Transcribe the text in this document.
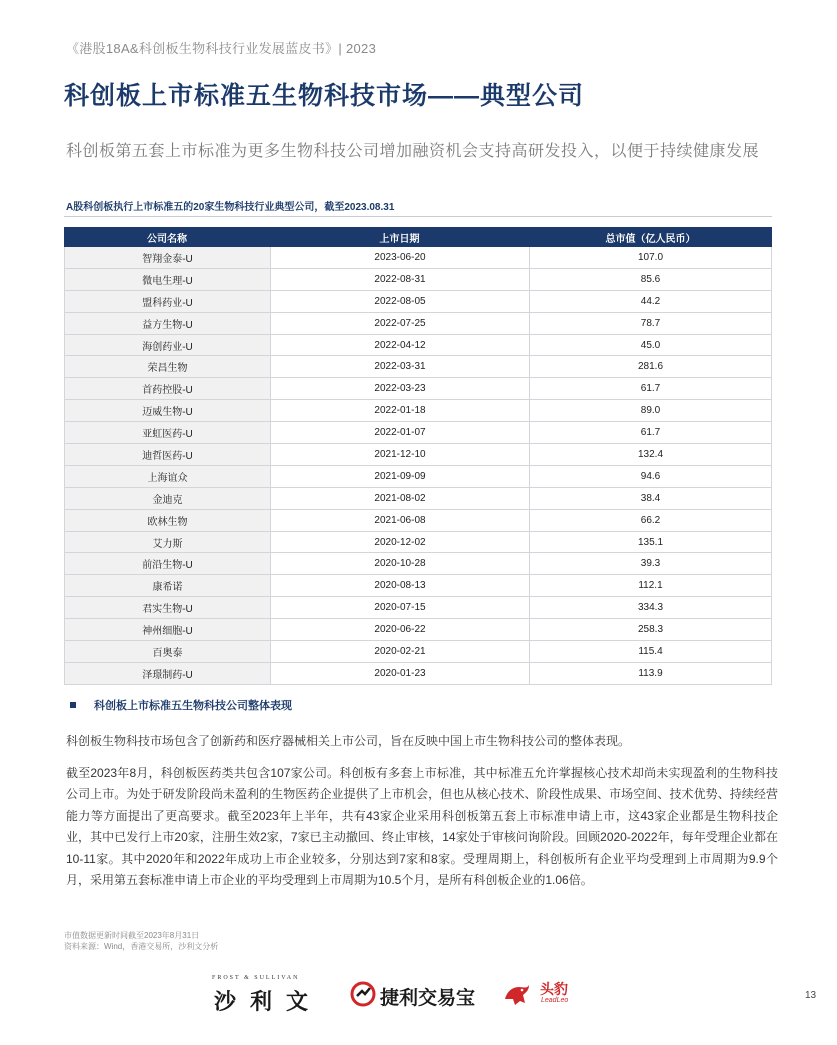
《港股18A&科创板生物科技行业发展蓝皮书》| 2023
科创板上市标准五生物科技市场——典型公司
科创板第五套上市标准为更多生物科技公司增加融资机会支持高研发投入，以便于持续健康发展
A股科创板执行上市标准五的20家生物科技行业典型公司，截至2023.08.31
公司名称	上市日期	总市值（亿人民币）
智翔金泰-U	2023-06-20	107.0
微电生理-U	2022-08-31	85.6
盟科药业-U	2022-08-05	44.2
益方生物-U	2022-07-25	78.7
海创药业-U	2022-04-12	45.0
荣昌生物	2022-03-31	281.6
首药控股-U	2022-03-23	61.7
迈威生物-U	2022-01-18	89.0
亚虹医药-U	2022-01-07	61.7
迪哲医药-U	2021-12-10	132.4
上海谊众	2021-09-09	94.6
金迪克	2021-08-02	38.4
欧林生物	2021-06-08	66.2
艾力斯	2020-12-02	135.1
前沿生物-U	2020-10-28	39.3
康希诺	2020-08-13	112.1
君实生物-U	2020-07-15	334.3
神州细胞-U	2020-06-22	258.3
百奥泰	2020-02-21	115.4
泽璟制药-U	2020-01-23	113.9
科创板上市标准五生物科技公司整体表现
科创板生物科技市场包含了创新药和医疗器械相关上市公司，旨在反映中国上市生物科技公司的整体表现。
截至2023年8月，科创板医药类共包含107家公司。科创板有多套上市标准，其中标准五允许掌握核心技术却尚未实现盈利的生物科技公司上市。为处于研发阶段尚未盈利的生物医药企业提供了上市机会，但也从核心技术、阶段性成果、市场空间、技术优势、持续经营能力等方面提出了更高要求。截至2023年上半年，共有43家企业采用科创板第五套上市标准申请上市，这43家企业都是生物科技企业，其中已发行上市20家，注册生效2家，7家已主动撤回、终止审核，14家处于审核问询阶段。回顾2020-2022年，每年受理企业都在10-11家。其中2020年和2022年成功上市企业较多，分别达到7家和8家。受理周期上，科创板所有企业平均受理到上市周期为9.9个月，采用第五套标准申请上市企业的平均受理到上市周期为10.5个月，是所有科创板企业的1.06倍。
市值数据更新时间截至2023年8月31日
资料来源：Wind，香港交易所，沙利文分析
FROST & SULLIVAN
沙利文	捷利交易宝	头豹
LeadLeo	13
